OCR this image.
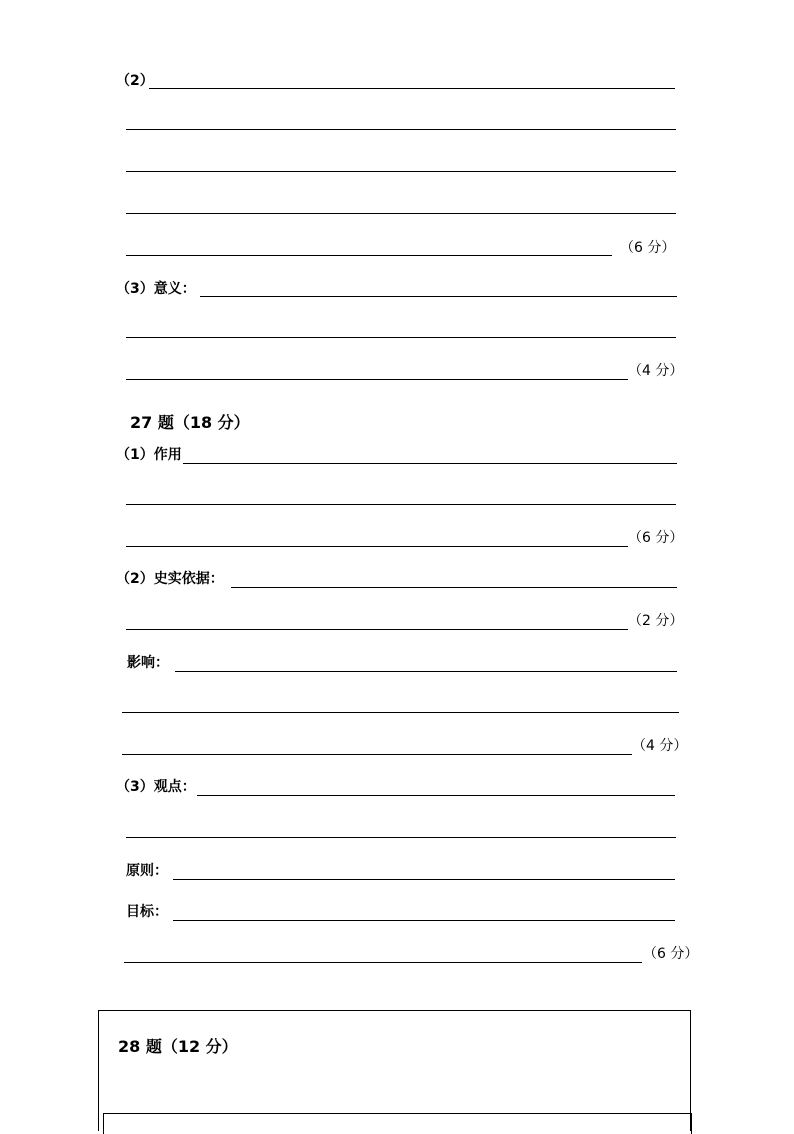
（2）
（6 分）
（3）意义：
（4 分）
27 题（18 分）
（1）作用
（6 分）
（2）史实依据：
（2 分）
影响：
（4 分）
（3）观点：
原则：
目标：
（6 分）
28 题（12 分）
